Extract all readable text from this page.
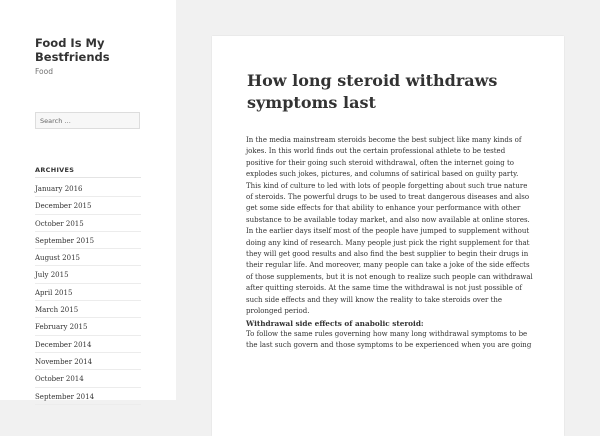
Food Is My Bestfriends
Food
Search …
ARCHIVES
January 2016
December 2015
October 2015
September 2015
August 2015
July 2015
April 2015
March 2015
February 2015
December 2014
November 2014
October 2014
September 2014
How long steroid withdraws symptoms last

In the media mainstream steroids become the best subject like many kinds of jokes. In this world finds out the certain professional athlete to be tested positive for their going such steroid withdrawal, often the internet going to explodes such jokes, pictures, and columns of satirical based on guilty party. This kind of culture to led with lots of people forgetting about such true nature of steroids. The powerful drugs to be used to treat dangerous diseases and also get some side effects for that ability to enhance your performance with other substance to be available today market, and also now available at online stores. In the earlier days itself most of the people have jumped to supplement without doing any kind of research. Many people just pick the right supplement for that they will get good results and also find the best supplier to begin their drugs in their regular life. And moreover, many people can take a joke of the side effects of those supplements, but it is not enough to realize such people can withdrawal after quitting steroids. At the same time the withdrawal is not just possible of such side effects and they will know the reality to take steroids over the prolonged period.

Withdrawal side effects of anabolic steroid:

To follow the same rules governing how many long withdrawal symptoms to be the last such govern and those symptoms to be experienced when you are going
